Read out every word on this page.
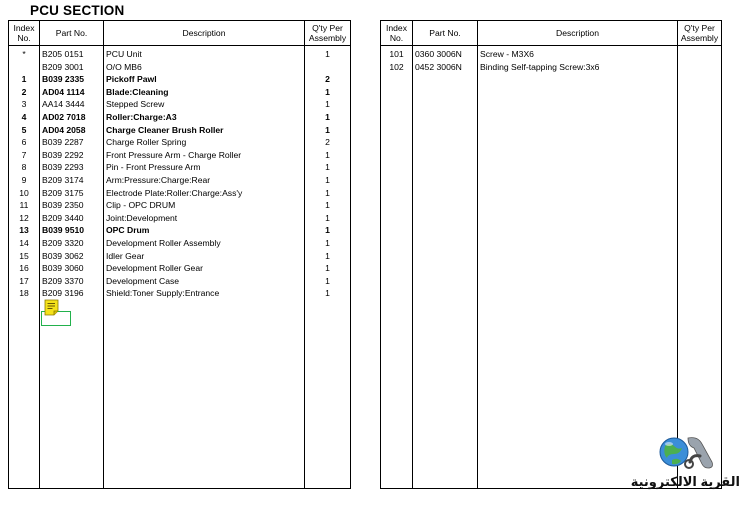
PCU SECTION
Index No.	Part No.	Description	Q'ty Per Assembly
*	B205 0151	PCU Unit	1
	B209 3001	O/O MB6	
1	B039 2335	Pickoff Pawl	2
2	AD04 1114	Blade:Cleaning	1
3	AA14 3444	Stepped Screw	1
4	AD02 7018	Roller:Charge:A3	1
5	AD04 2058	Charge Cleaner Brush Roller	1
6	B039 2287	Charge Roller Spring	2
7	B039 2292	Front Pressure Arm - Charge Roller	1
8	B039 2293	Pin - Front Pressure Arm	1
9	B209 3174	Arm:Pressure:Charge:Rear	1
10	B209 3175	Electrode Plate:Roller:Charge:Ass'y	1
11	B039 2350	Clip - OPC DRUM	1
12	B209 3440	Joint:Development	1
13	B039 9510	OPC Drum	1
14	B209 3320	Development Roller Assembly	1
15	B039 3062	Idler Gear	1
16	B039 3060	Development Roller Gear	1
17	B209 3370	Development Case	1
18	B209 3196	Shield:Toner Supply:Entrance	1

Index No.	Part No.	Description	Q'ty Per Assembly
101	0360 3006N	Screw - M3X6	
102	0452 3006N	Binding Self-tapping Screw:3x6	

القرية الالكترونية
